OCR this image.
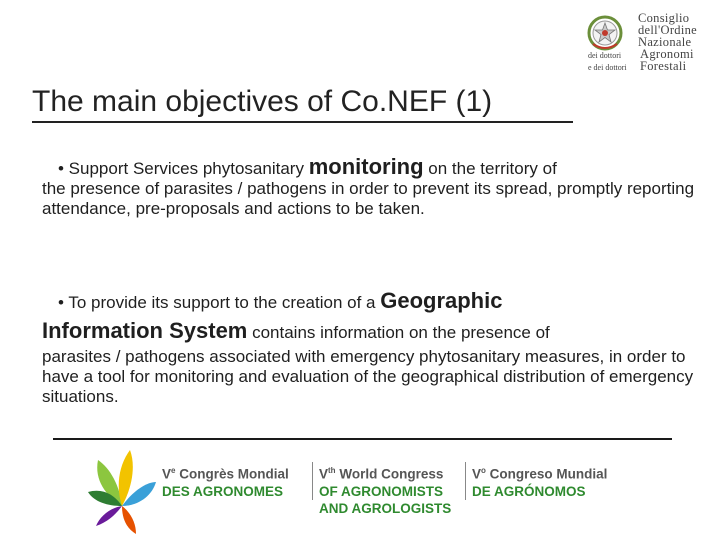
Consiglio
dell'Ordine
Nazionale
dei dottori Agronomi
e dei dottori Forestali
The main objectives of Co.NEF (1)
• Support Services phytosanitary monitoring on the territory of
the presence of parasites / pathogens in order to prevent its spread, promptly reporting attendance, pre-proposals and actions to be taken.
• To provide its support to the creation of a Geographic
Information System contains information on the presence of
parasites / pathogens associated with emergency phytosanitary measures, in order to have a tool for monitoring and evaluation of the geographical distribution of emergency situations.
Ve Congrès Mondial
DES AGRONOMES
Vth World Congress
OF AGRONOMISTS
AND AGROLOGISTS
$V^o$ Congreso Mundial
DE AGRÓNOMOS
